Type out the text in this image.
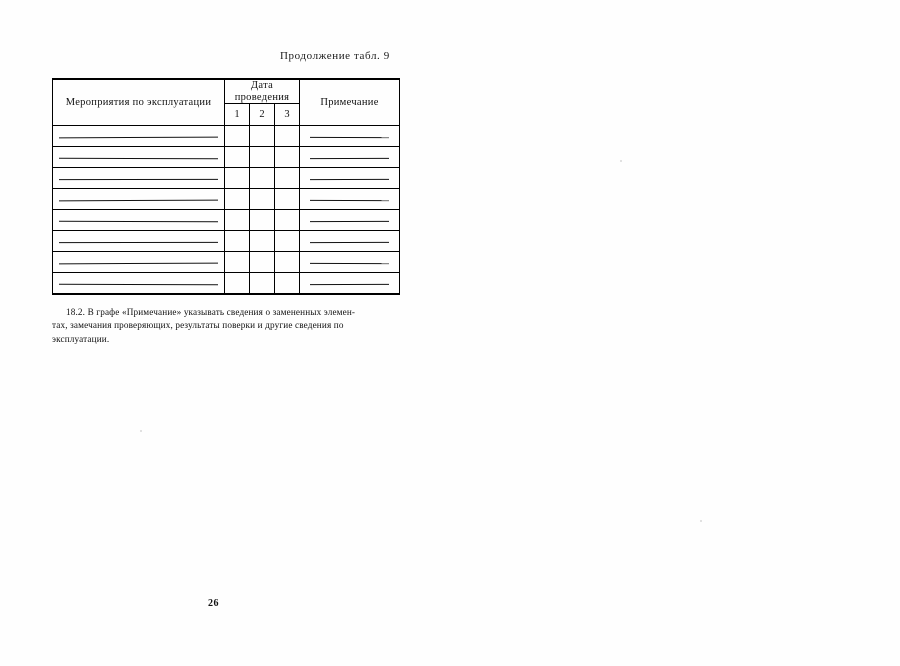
Продолжение табл. 9
Мероприятия по эксплуатации	Дата проведения			Примечание
	1	2	3	

18.2. В графе «Примечание» указывать сведения о замененных элемен-
тах, замечания проверяющих, результаты поверки и другие сведения по
эксплуатации.
26
